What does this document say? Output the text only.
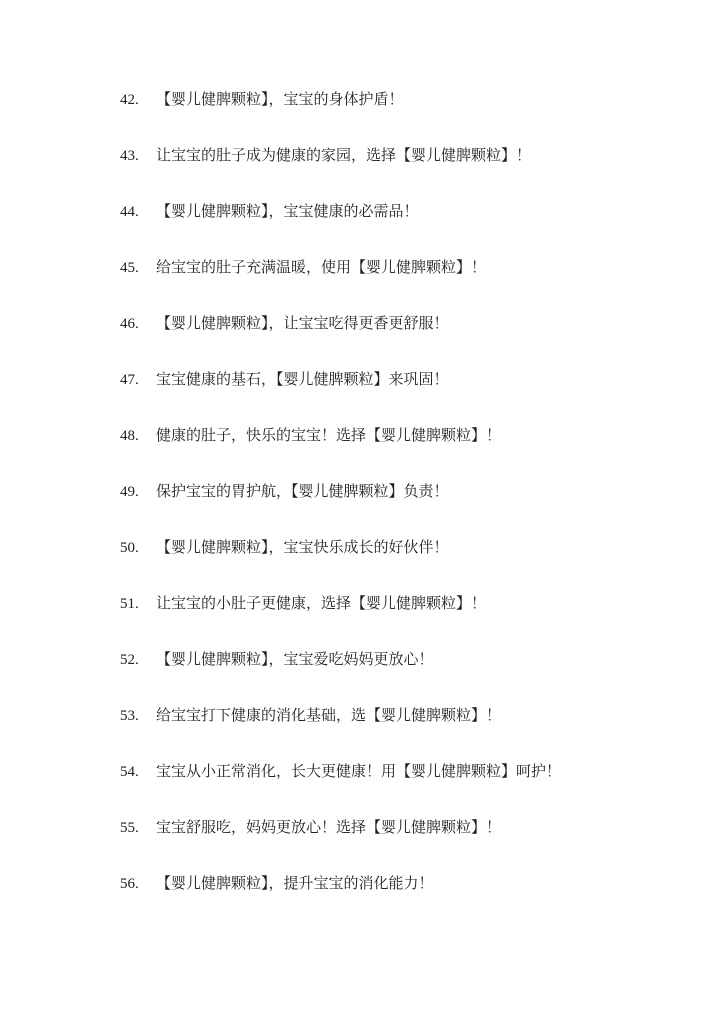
42. 【婴儿健脾颗粒】，宝宝的身体护盾！
43. 让宝宝的肚子成为健康的家园，选择【婴儿健脾颗粒】！
44. 【婴儿健脾颗粒】，宝宝健康的必需品！
45. 给宝宝的肚子充满温暖，使用【婴儿健脾颗粒】！
46. 【婴儿健脾颗粒】，让宝宝吃得更香更舒服！
47. 宝宝健康的基石，【婴儿健脾颗粒】来巩固！
48. 健康的肚子，快乐的宝宝！选择【婴儿健脾颗粒】！
49. 保护宝宝的胃护航，【婴儿健脾颗粒】负责！
50. 【婴儿健脾颗粒】，宝宝快乐成长的好伙伴！
51. 让宝宝的小肚子更健康，选择【婴儿健脾颗粒】！
52. 【婴儿健脾颗粒】，宝宝爱吃妈妈更放心！
53. 给宝宝打下健康的消化基础，选【婴儿健脾颗粒】！
54. 宝宝从小正常消化，长大更健康！用【婴儿健脾颗粒】呵护！
55. 宝宝舒服吃，妈妈更放心！选择【婴儿健脾颗粒】！
56. 【婴儿健脾颗粒】，提升宝宝的消化能力！
